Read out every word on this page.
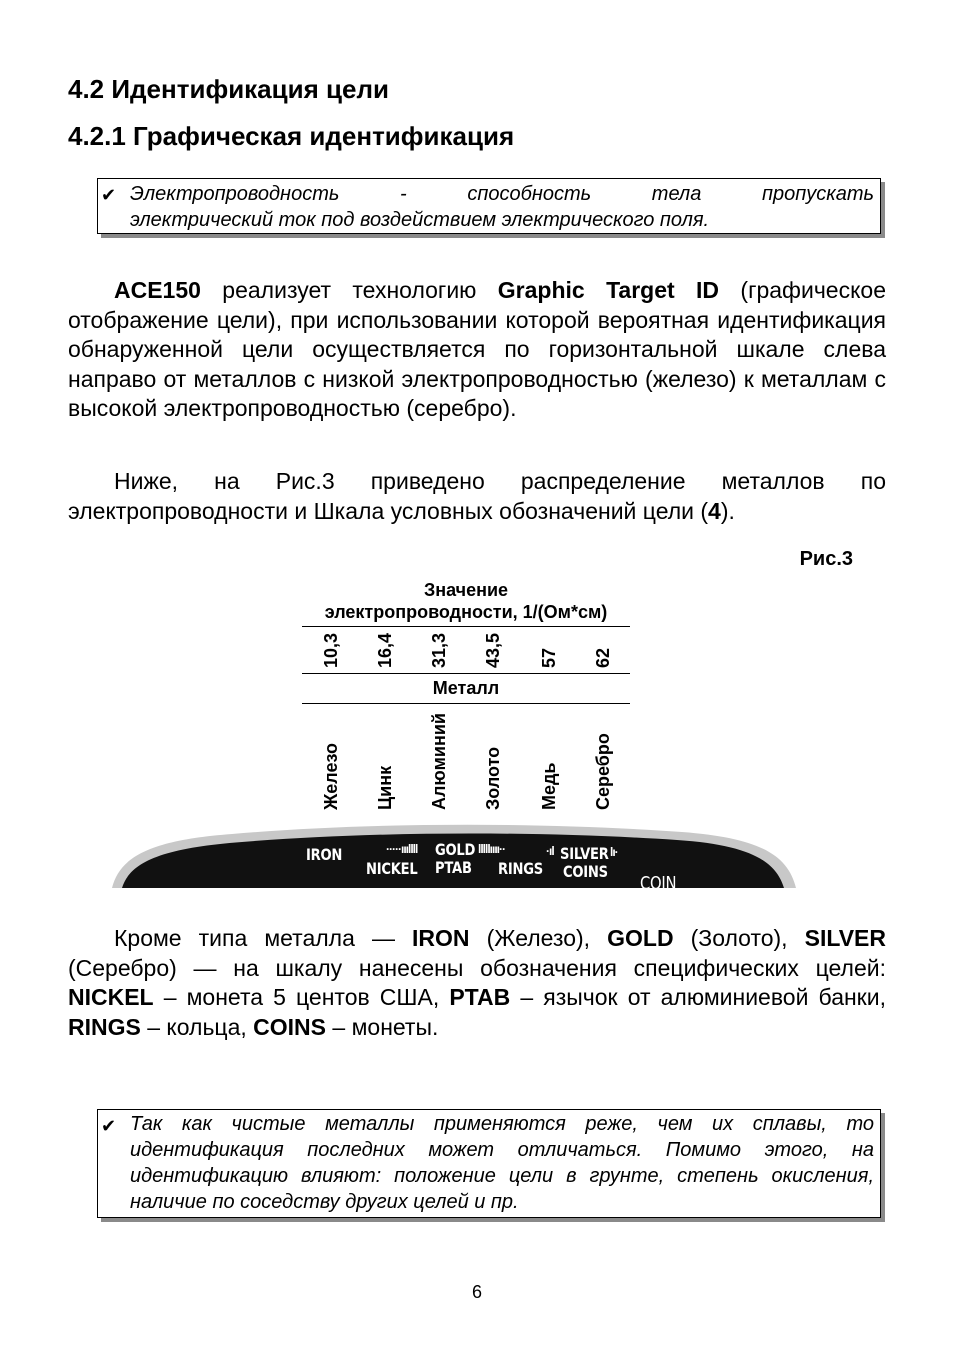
4.2 Идентификация цели
4.2.1 Графическая идентификация
✔ Электропроводность - способность тела пропускать
электрический ток под воздействием электрического поля.

ACE150 реализует технологию Graphic Target ID (графическое отображение цели), при использовании которой вероятная идентификация обнаруженной цели осуществляется по горизонтальной шкале слева направо от металлов с низкой электропроводностью (железо) к металлам с высокой электропроводностью (серебро).

Ниже, на Рис.3 приведено распределение металлов по электропроводности и Шкала условных обозначений цели (4).

Рис.3
Значение
электропроводности, 1/(Ом*см)
10,3 16,4 31,3 43,5 57 62
Металл
Железо Цинк Алюминий Золото Медь Серебро
IRON	·····ıııllll GOLD lllllıııı··	·ıl SILVER lı·
NICKEL PTAB RINGS COINS
COIN

Кроме типа металла — IRON (Железо), GOLD (Золото), SILVER (Серебро) — на шкалу нанесены обозначения специфических целей: NICKEL – монета 5 центов США, PTAB – язычок от алюминиевой банки, RINGS – кольца, COINS – монеты.

✔ Так как чистые металлы применяются реже, чем их сплавы, то идентификация последних может отличаться. Помимо этого, на идентификацию влияют: положение цели в грунте, степень окисления, наличие по соседству других целей и пр.
6
